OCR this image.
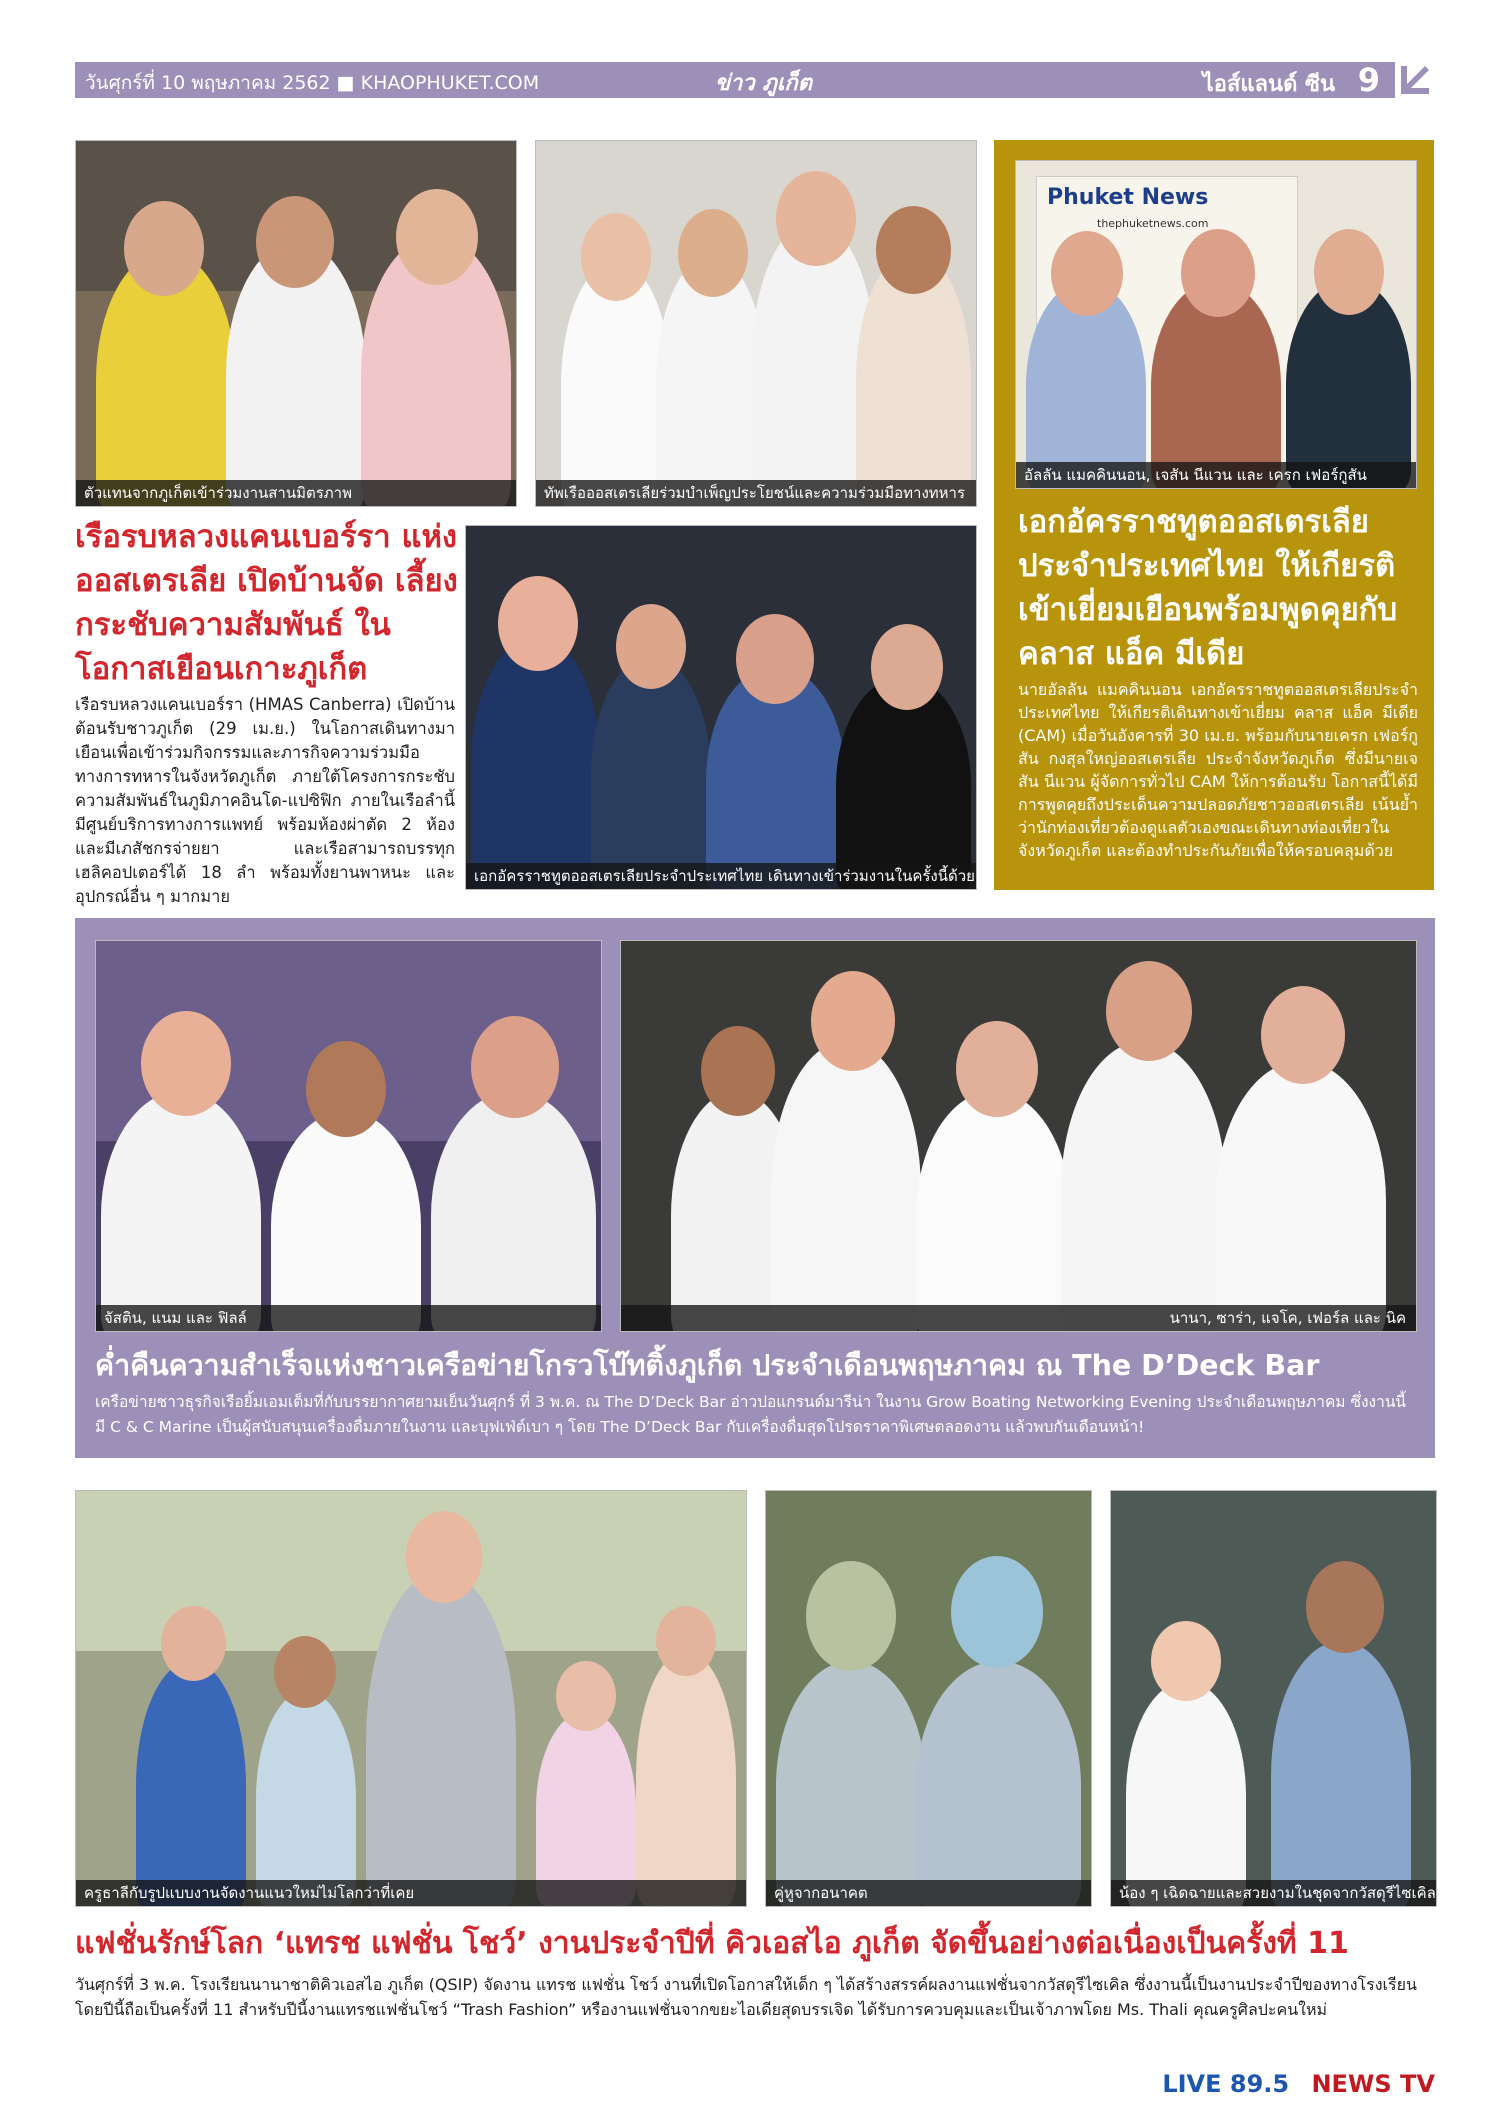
วันศุกร์ที่ 10 พฤษภาคม 2562 ■ KHAOPHUKET.COM	ข่าว ภูเก็ต	ไอส์แลนด์ ซีน 9
ตัวแทนจากภูเก็ตเข้าร่วมงานสานมิตรภาพ	ทัพเรือออสเตรเลียร่วมบำเพ็ญประโยชน์และความร่วมมือทางทหาร
Phuket News
thephuketnews.com
อัลลัน แมคคินนอน, เจสัน นีแวน และ เครก เฟอร์กูสัน
เอกอัครราชทูตออสเตรเลีย ประจำประเทศไทย ให้เกียรติ เข้าเยี่ยมเยือนพร้อมพูดคุยกับ คลาส แอ็ค มีเดีย
นายอัลลัน แมคคินนอน เอกอัครราชทูตออสเตรเลียประจำประเทศไทย ให้เกียรติเดินทางเข้าเยี่ยม คลาส แอ็ค มีเดีย (CAM) เมื่อวันอังคารที่ 30 เม.ย. พร้อมกับนายเครก เฟอร์กูสัน กงสุลใหญ่ออสเตรเลีย ประจำจังหวัดภูเก็ต ซึ่งมีนายเจสัน นีแวน ผู้จัดการทั่วไป CAM ให้การต้อนรับ โอกาสนี้ได้มีการพูดคุยถึงประเด็นความปลอดภัยชาวออสเตรเลีย เน้นย้ำว่านักท่องเที่ยวต้องดูแลตัวเองขณะเดินทางท่องเที่ยวในจังหวัดภูเก็ต และต้องทำประกันภัยเพื่อให้ครอบคลุมด้วย
เรือรบหลวงแคนเบอร์รา แห่งออสเตรเลีย เปิดบ้านจัด เลี้ยงกระชับความสัมพันธ์ ในโอกาสเยือนเกาะภูเก็ต
เรือรบหลวงแคนเบอร์รา (HMAS Canberra) เปิดบ้านต้อนรับชาวภูเก็ต (29 เม.ย.) ในโอกาสเดินทางมาเยือนเพื่อเข้าร่วมกิจกรรมและภารกิจความร่วมมือทางการทหารในจังหวัดภูเก็ต ภายใต้โครงการกระชับความสัมพันธ์ในภูมิภาคอินโด-แปซิฟิก ภายในเรือลำนี้มีศูนย์บริการทางการแพทย์ พร้อมห้องผ่าตัด 2 ห้อง และมีเภสัชกรจ่ายยา และเรือสามารถบรรทุกเฮลิคอปเตอร์ได้ 18 ลำ พร้อมทั้งยานพาหนะ และอุปกรณ์อื่น ๆ มากมาย
เอกอัครราชทูตออสเตรเลียประจำประเทศไทย เดินทางเข้าร่วมงานในครั้งนี้ด้วย
จัสติน, แนม และ ฟิลล์	นานา, ซาร่า, แจโค, เฟอร์ล และ นิค
ค่ำคืนความสำเร็จแห่งชาวเครือข่ายโกรวโบ๊ทติ้งภูเก็ต ประจำเดือนพฤษภาคม ณ The D’Deck Bar
เครือข่ายชาวธุรกิจเรือยิ้มเอมเต็มที่กับบรรยากาศยามเย็นวันศุกร์ ที่ 3 พ.ค. ณ The D’Deck Bar อ่าวปอแกรนด์มารีน่า ในงาน Grow Boating Networking Evening ประจำเดือนพฤษภาคม ซึ่งงานนี้มี C & C Marine เป็นผู้สนับสนุนเครื่องดื่มภายในงาน และบุฟเฟ่ต์เบา ๆ โดย The D’Deck Bar กับเครื่องดื่มสุดโปรดราคาพิเศษตลอดงาน แล้วพบกันเดือนหน้า!
ครูธาลีกับรูปแบบงานจัดงานแนวใหม่ไม่โลกว่าที่เคย	คู่หูจากอนาคต	น้อง ๆ เฉิดฉายและสวยงามในชุดจากวัสดุรีไซเคิล
แฟชั่นรักษ์โลก ‘แทรช แฟชั่น โชว์’ งานประจำปีที่ คิวเอสไอ ภูเก็ต จัดขึ้นอย่างต่อเนื่องเป็นครั้งที่ 11
วันศุกร์ที่ 3 พ.ค. โรงเรียนนานาชาติคิวเอสไอ ภูเก็ต (QSIP) จัดงาน แทรช แฟชั่น โชว์ งานที่เปิดโอกาสให้เด็ก ๆ ได้สร้างสรรค์ผลงานแฟชั่นจากวัสดุรีไซเคิล ซึ่งงานนี้เป็นงานประจำปีของทางโรงเรียน โดยปีนี้ถือเป็นครั้งที่ 11 สำหรับปีนี้งานแทรชแฟชั่นโชว์ “Trash Fashion” หรืองานแฟชั่นจากขยะไอเดียสุดบรรเจิด ได้รับการควบคุมและเป็นเจ้าภาพโดย Ms. Thali คุณครูศิลปะคนใหม่
LIVE 89.5 NEWS TV
